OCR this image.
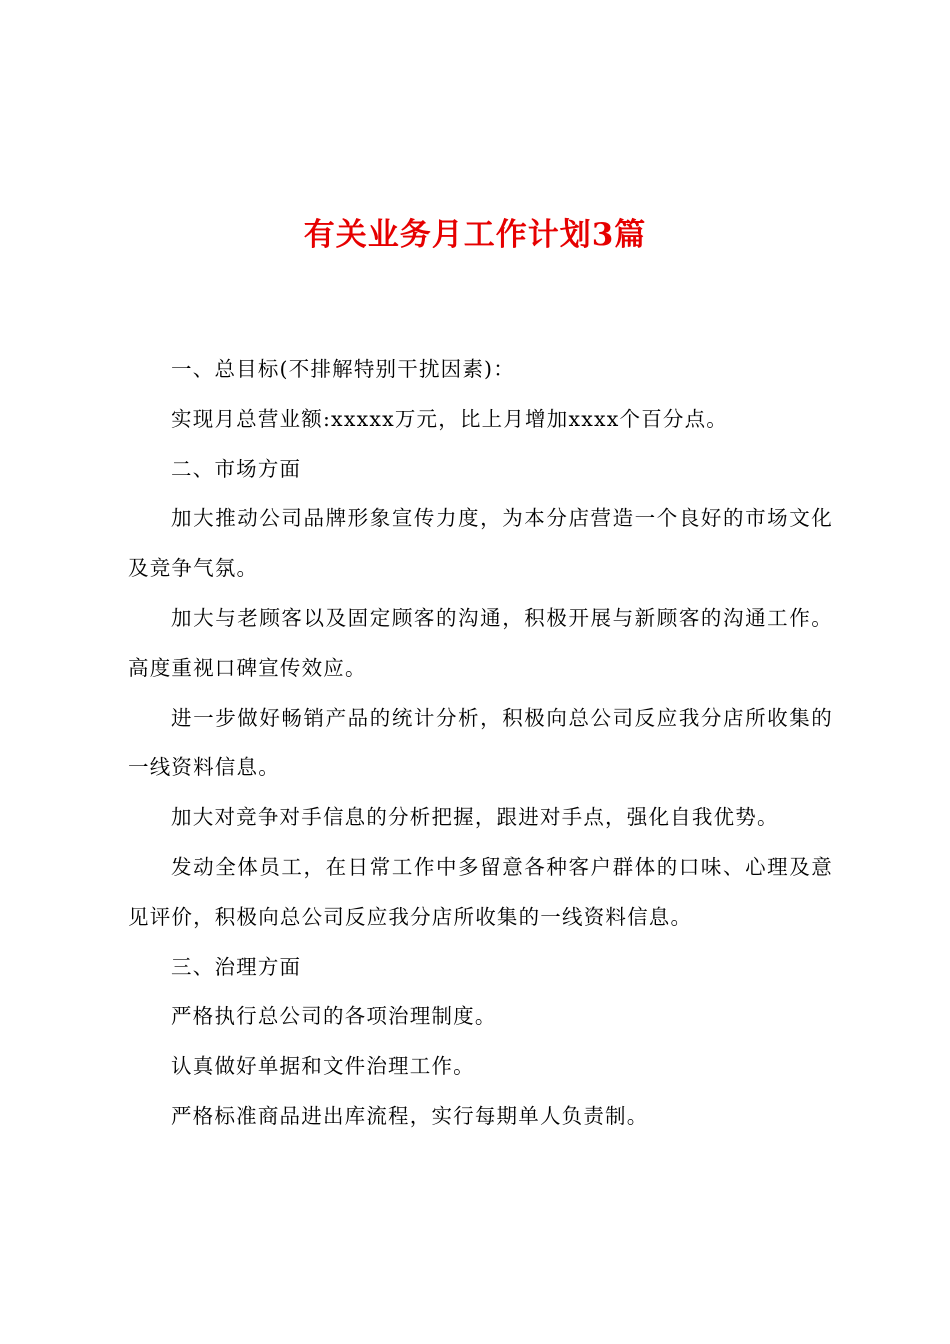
有关业务月工作计划3篇

一、总目标(不排解特别干扰因素)：

实现月总营业额:xxxxx万元，比上月增加xxxx个百分点。

二、市场方面

加大推动公司品牌形象宣传力度，为本分店营造一个良好的市场文化及竞争气氛。

加大与老顾客以及固定顾客的沟通，积极开展与新顾客的沟通工作。高度重视口碑宣传效应。

进一步做好畅销产品的统计分析，积极向总公司反应我分店所收集的一线资料信息。

加大对竞争对手信息的分析把握，跟进对手点，强化自我优势。

发动全体员工，在日常工作中多留意各种客户群体的口味、心理及意见评价，积极向总公司反应我分店所收集的一线资料信息。

三、治理方面

严格执行总公司的各项治理制度。

认真做好单据和文件治理工作。

严格标准商品进出库流程，实行每期单人负责制。
